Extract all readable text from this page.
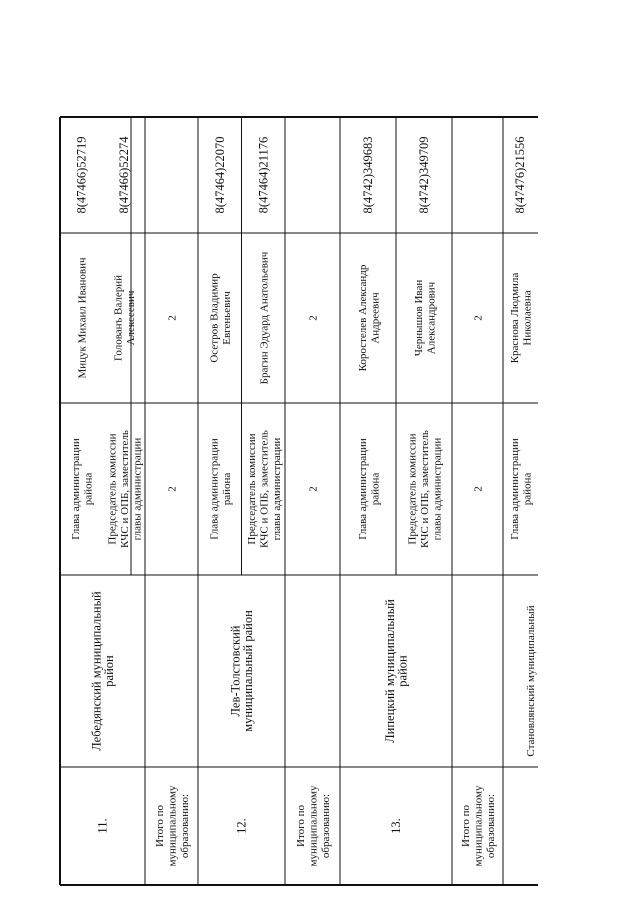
11.
Лебедянский муниципальныйрайон
Глава администрациирайона
Мицук Михаил Иванович
8(47466)52719
Председатель комиссииКЧС и ОПБ, заместительглавы администрации
Голованъ ВалерийАлексеевич
8(47466)52274
Итого помуниципальномуобразованию:
2
2
12.
Лев-Толстовскиймуниципальный район
Глава администрациирайона
Осетров ВладимирЕвгеньевич
8(47464)22070
Председатель комиссииКЧС и ОПБ, заместительглавы администрации
Брагин Эдуард Анатольевич
8(47464)21176
Итого помуниципальномуобразованию:
2
2
13.
Липецкий муниципальныйрайон
Глава администрациирайона
Коростелев АлександрАндреевич
8(4742)349683
Председатель комиссииКЧС и ОПБ, заместительглавы администрации
Чернышов ИванАлександрович
8(4742)349709
Итого помуниципальномуобразованию:
2
2
Становлянский муниципальный
Глава администрациирайона
Краснова ЛюдмилаНиколаевна
8(47476)21556
